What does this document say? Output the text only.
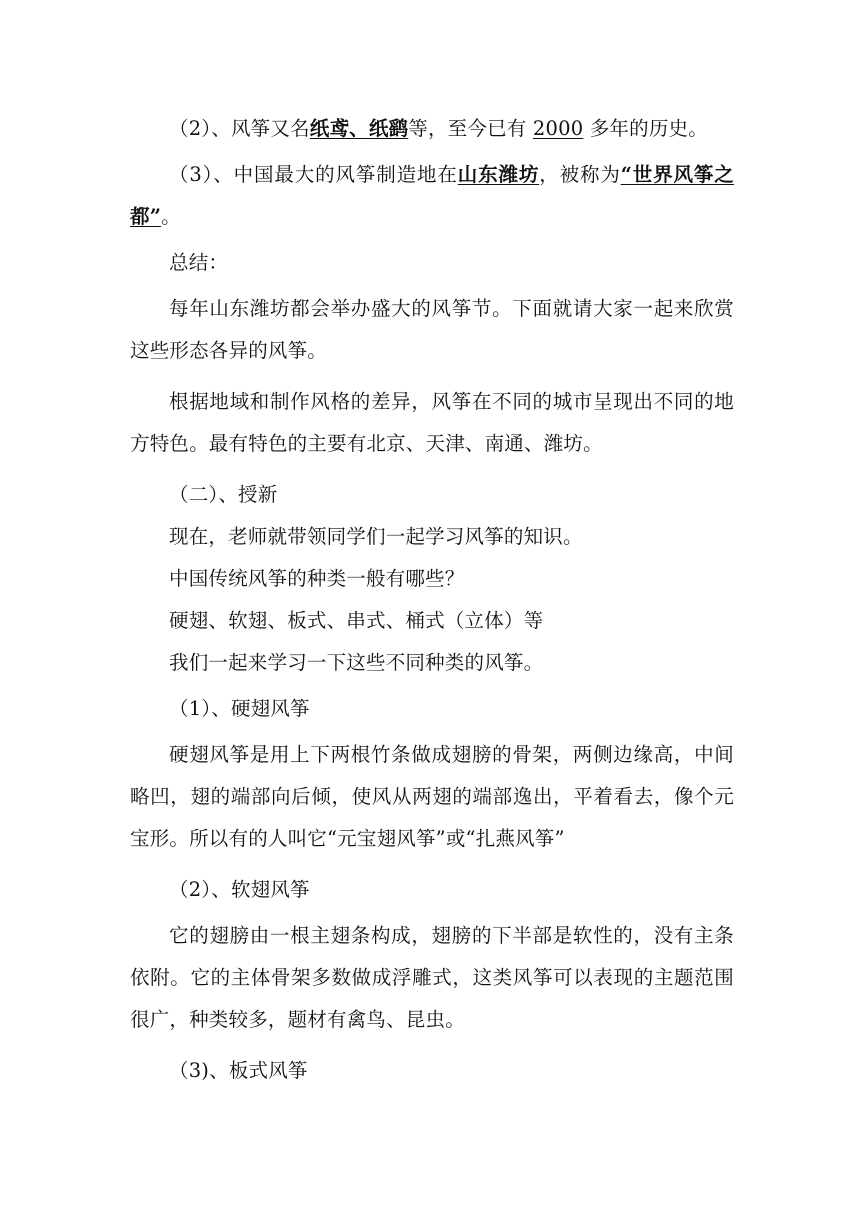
（2）、风筝又名纸鸢、纸鹞等，至今已有 2000 多年的历史。

（3）、中国最大的风筝制造地在山东潍坊，被称为“世界风筝之都”。

总结：

每年山东潍坊都会举办盛大的风筝节。下面就请大家一起来欣赏这些形态各异的风筝。

根据地域和制作风格的差异，风筝在不同的城市呈现出不同的地方特色。最有特色的主要有北京、天津、南通、潍坊。

（二）、授新

现在，老师就带领同学们一起学习风筝的知识。

中国传统风筝的种类一般有哪些？

硬翅、软翅、板式、串式、桶式（立体）等

我们一起来学习一下这些不同种类的风筝。

（1）、硬翅风筝

硬翅风筝是用上下两根竹条做成翅膀的骨架，两侧边缘高，中间略凹，翅的端部向后倾，使风从两翅的端部逸出，平着看去，像个元宝形。所以有的人叫它“元宝翅风筝”或“扎燕风筝”

（2）、软翅风筝

它的翅膀由一根主翅条构成，翅膀的下半部是软性的，没有主条依附。它的主体骨架多数做成浮雕式，这类风筝可以表现的主题范围很广，种类较多，题材有禽鸟、昆虫。

（3)、板式风筝
